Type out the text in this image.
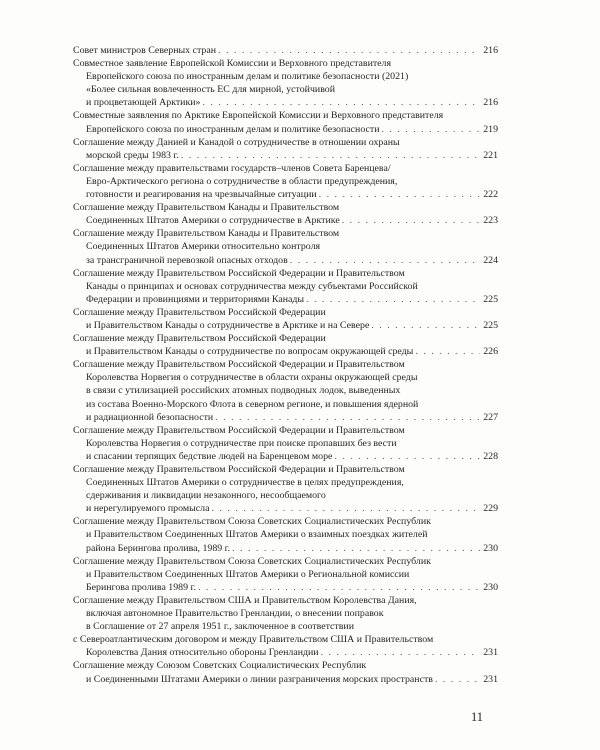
Совет министров Северных стран . . .	216
Совместное заявление Европейской Комиссии и Верховного представителя
Европейского союза по иностранным делам и политике безопасности (2021)
«Более сильная вовлеченность ЕС для мирной, устойчивой
и процветающей Арктики» . . .	216
Совместные заявления по Арктике Европейской Комиссии и Верховного представителя
Европейского союза по иностранным делам и политике безопасности . . .	219
Соглашение между Данией и Канадой о сотрудничестве в отношении охраны
морской среды 1983 г. . . .	221
Соглашение между правительствами государств–членов Совета Баренцева/
Евро-Арктического региона о сотрудничестве в области предупреждения,
готовности и реагирования на чрезвычайные ситуации . . .	222
Соглашение между Правительством Канады и Правительством
Соединенных Штатов Америки о сотрудничестве в Арктике . . .	223
Соглашение между Правительством Канады и Правительством
Соединенных Штатов Америки относительно контроля
за трансграничной перевозкой опасных отходов . . .	224
Соглашение между Правительством Российской Федерации и Правительством
Канады о принципах и основах сотрудничества между субъектами Российской
Федерации и провинциями и территориями Канады . . .	225
Соглашение между Правительством Российской Федерации
и Правительством Канады о сотрудничестве в Арктике и на Севере . . .	225
Соглашение между Правительством Российской Федерации
и Правительством Канады о сотрудничестве по вопросам окружающей среды . . .	226
Соглашение между Правительством Российской Федерации и Правительством
Королевства Норвегия о сотрудничестве в области охраны окружающей среды
в связи с утилизацией российских атомных подводных лодок, выведенных
из состава Военно-Морского Флота в северном регионе, и повышения ядерной
и радиационной безопасности . . .	227
Соглашение между Правительством Российской Федерации и Правительством
Королевства Норвегия о сотрудничестве при поиске пропавших без вести
и спасании терпящих бедствие людей на Баренцевом море . . .	228
Соглашение между Правительством Российской Федерации и Правительством
Соединенных Штатов Америки о сотрудничестве в целях предупреждения,
сдерживания и ликвидации незаконного, несообщаемого
и нерегулируемого промысла . . .	229
Соглашение между Правительством Союза Советских Социалистических Республик
и Правительством Соединенных Штатов Америки о взаимных поездках жителей
района Берингова пролива, 1989 г. . . .	230
Соглашение между Правительством Союза Советских Социалистических Республик
и Правительством Соединенных Штатов Америки о Региональной комиссии
Берингова пролива 1989 г. . . .	230
Соглашение между Правительством США и Правительством Королевства Дания,
включая автономное Правительство Гренландии, о внесении поправок
в Соглашение от 27 апреля 1951 г., заключенное в соответствии
с Североатлантическим договором и между Правительством США и Правительством
Королевства Дания относительно обороны Гренландии . . .	231
Соглашение между Союзом Советских Социалистических Республик
и Соединенными Штатами Америки о линии разграничения морских пространств . . .	231
11
